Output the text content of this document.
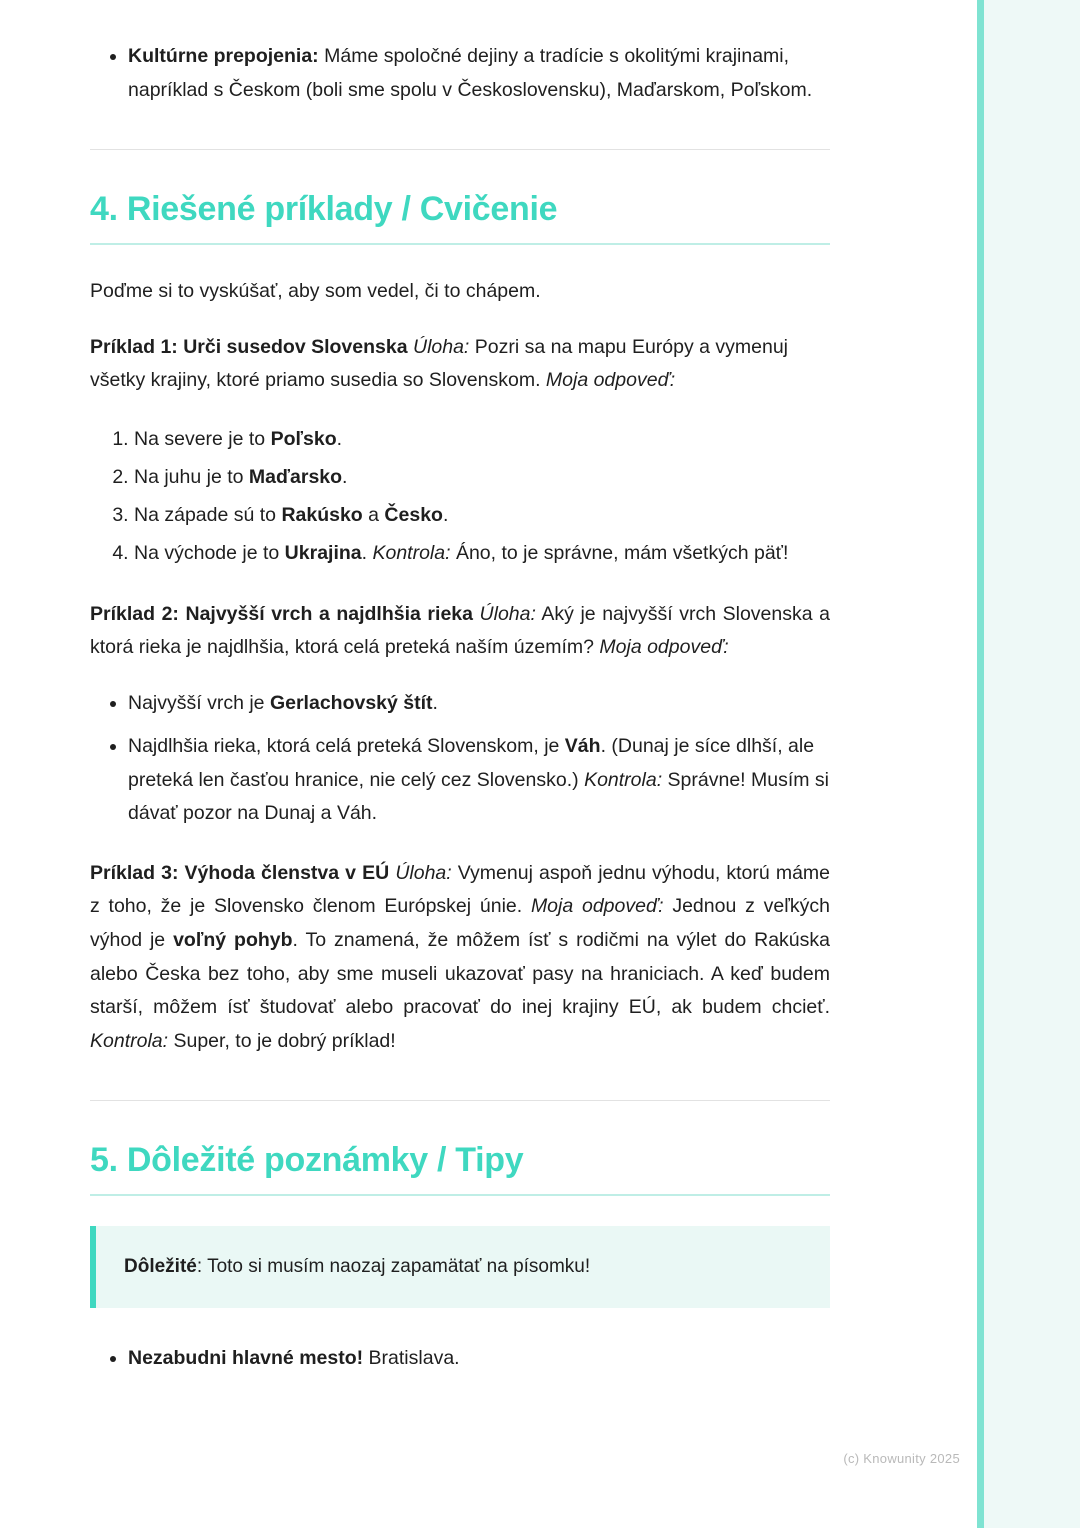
• Kultúrne prepojenia: Máme spoločné dejiny a tradície s okolitými krajinami, napríklad s Českom (boli sme spolu v Československu), Maďarskom, Poľskom.
4. Riešené príklady / Cvičenie

Poďme si to vyskúšať, aby som vedel, či to chápem.

Príklad 1: Urči susedov Slovenska Úloha: Pozri sa na mapu Európy a vymenuj všetky krajiny, ktoré priamo susedia so Slovenskom. Moja odpoveď:

1. Na severe je to Poľsko.
2. Na juhu je to Maďarsko.
3. Na západe sú to Rakúsko a Česko.
4. Na východe je to Ukrajina. Kontrola: Áno, to je správne, mám všetkých päť!

Príklad 2: Najvyšší vrch a najdlhšia rieka Úloha: Aký je najvyšší vrch Slovenska a ktorá rieka je najdlhšia, ktorá celá preteká naším územím? Moja odpoveď:

• Najvyšší vrch je Gerlachovský štít.
• Najdlhšia rieka, ktorá celá preteká Slovenskom, je Váh. (Dunaj je síce dlhší, ale preteká len časťou hranice, nie celý cez Slovensko.) Kontrola: Správne! Musím si dávať pozor na Dunaj a Váh.

Príklad 3: Výhoda členstva v EÚ Úloha: Vymenuj aspoň jednu výhodu, ktorú máme z toho, že je Slovensko členom Európskej únie. Moja odpoveď: Jednou z veľkých výhod je voľný pohyb. To znamená, že môžem ísť s rodičmi na výlet do Rakúska alebo Česka bez toho, aby sme museli ukazovať pasy na hraniciach. A keď budem starší, môžem ísť študovať alebo pracovať do inej krajiny EÚ, ak budem chcieť. Kontrola: Super, to je dobrý príklad!

5. Dôležité poznámky / Tipy
Dôležité: Toto si musím naozaj zapamätať na písomku!
• Nezabudni hlavné mesto! Bratislava.
(c) Knowunity 2025
